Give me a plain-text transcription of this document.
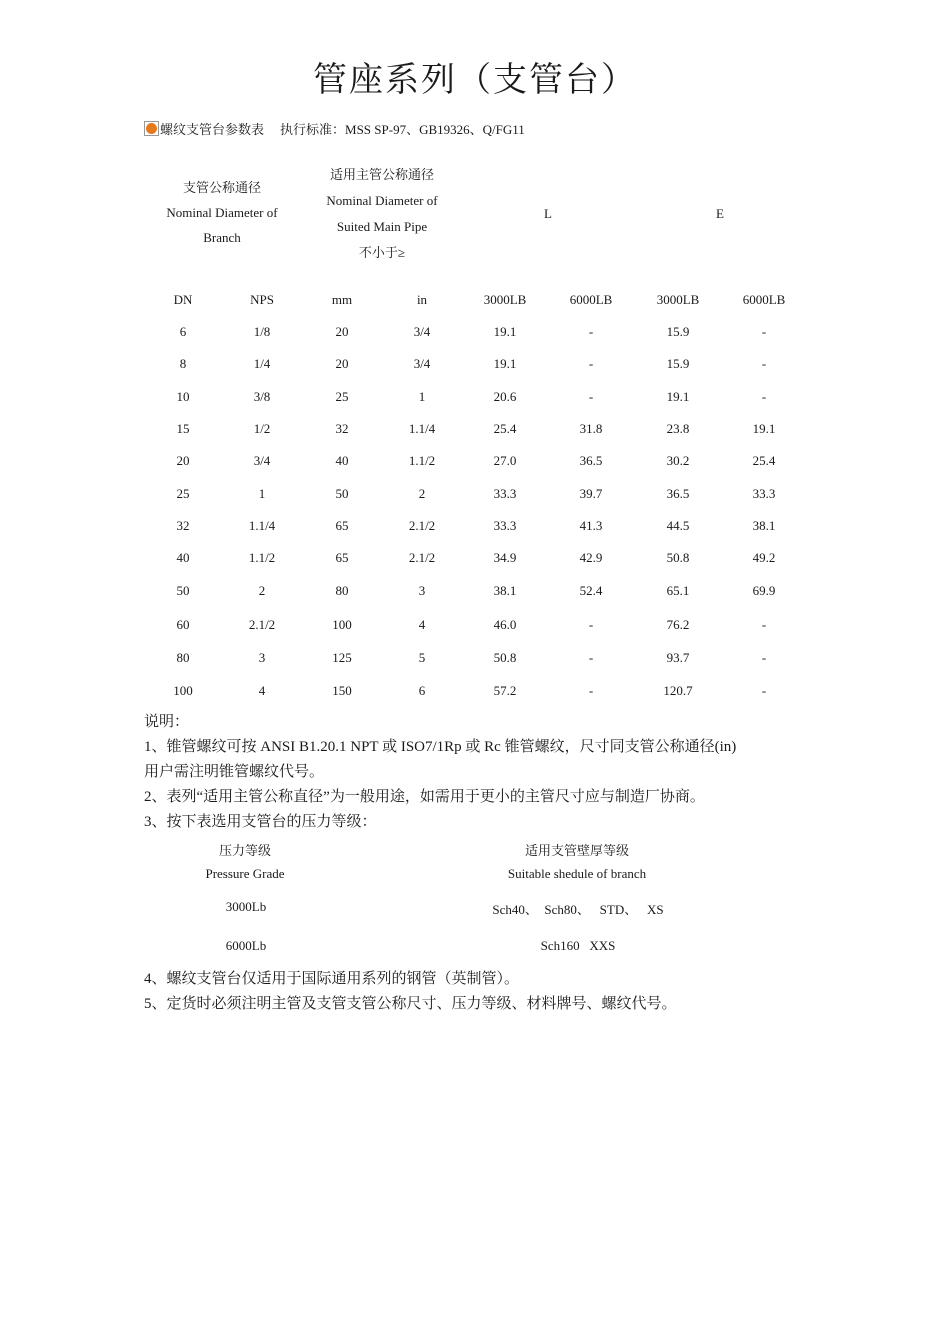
管座系列（支管台）
螺纹支管台参数表 执行标准：MSS SP-97、GB19326、Q/FG11
支管公称通径
Nominal Diameter of
Branch
适用主管公称通径
Nominal Diameter of
Suited Main Pipe
不小于≥
L	E
DN	NPS	mm	in	3000LB	6000LB	3000LB	6000LB
6	1/8	20	3/4	19.1	-	15.9	-
8	1/4	20	3/4	19.1	-	15.9	-
10	3/8	25	1	20.6	-	19.1	-
15	1/2	32	1.1/4	25.4	31.8	23.8	19.1
20	3/4	40	1.1/2	27.0	36.5	30.2	25.4
25	1	50	2	33.3	39.7	36.5	33.3
32	1.1/4	65	2.1/2	33.3	41.3	44.5	38.1
40	1.1/2	65	2.1/2	34.9	42.9	50.8	49.2
50	2	80	3	38.1	52.4	65.1	69.9
60	2.1/2	100	4	46.0	-	76.2	-
80	3	125	5	50.8	-	93.7	-
100	4	150	6	57.2	-	120.7	-
说明：
1、锥管螺纹可按 ANSI B1.20.1 NPT 或 ISO7/1Rp 或 Rc 锥管螺纹，尺寸同支管公称通径(in)
用户需注明锥管螺纹代号。
2、表列“适用主管公称直径”为一般用途，如需用于更小的主管尺寸应与制造厂协商。
3、按下表选用支管台的压力等级：
压力等级
Pressure Grade
适用支管壁厚等级
Suitable shedule of branch
3000Lb	Sch40、  Sch80、   STD、   XS
6000Lb	Sch160   XXS
4、螺纹支管台仅适用于国际通用系列的钢管（英制管）。
5、定货时必须注明主管及支管支管公称尺寸、压力等级、材料牌号、螺纹代号。
